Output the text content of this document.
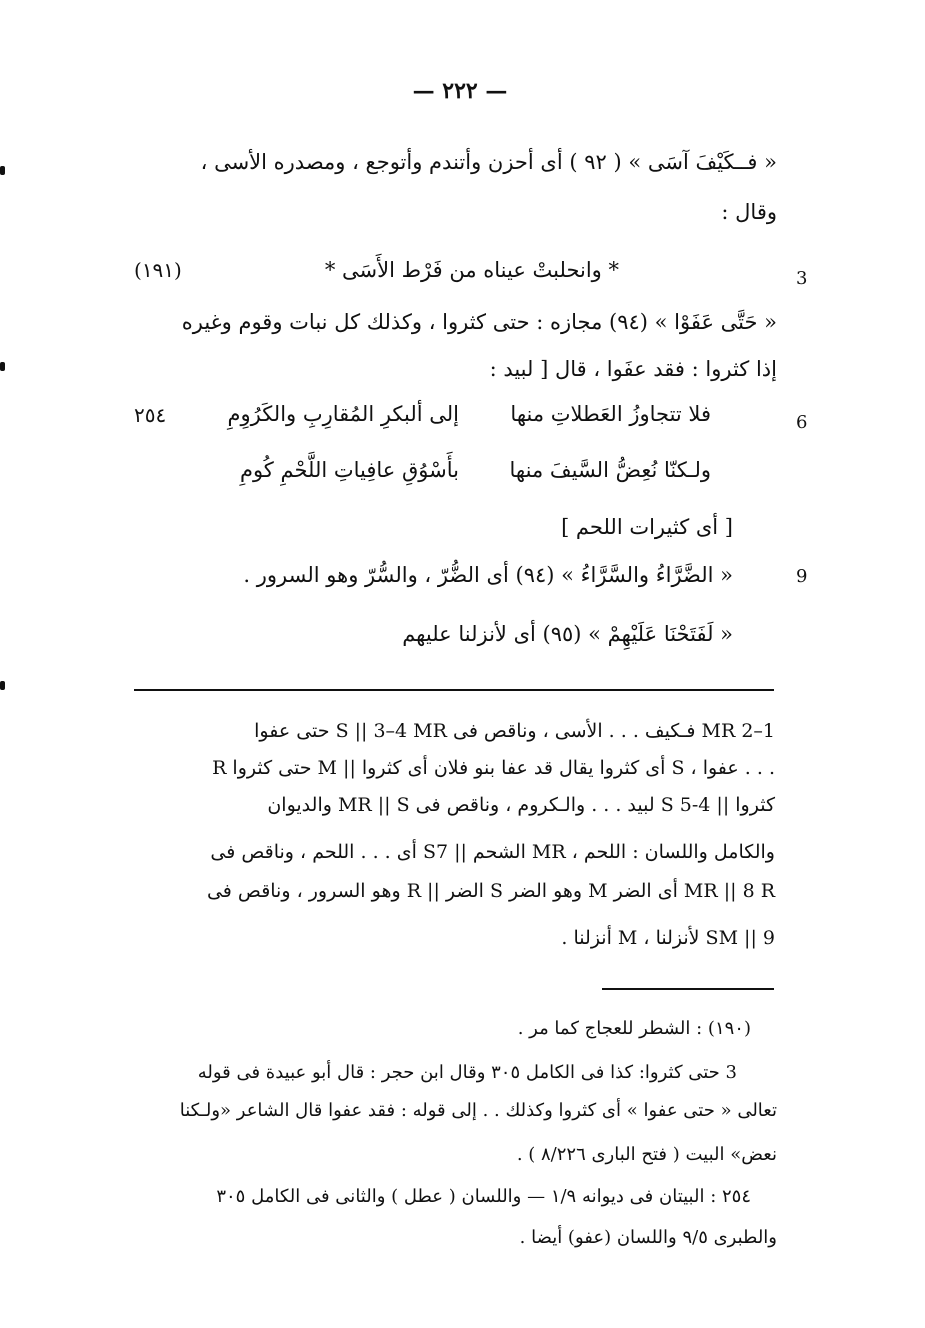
— ٢٢٢ —
« فــكَيْفَ آسَى » ( ٩٢ ) أى أحزن وأتندم وأتوجع ، ومصدره الأسى ،
وقال :
3
* وانحلبتْ عيناه من فَرْط الأَسَى *
(١٩١)
« حَتَّى عَفَوْا » (٩٤) مجازه : حتى كثروا ، وكذلك كل نبات وقوم وغيره
إذا كثروا : فقد عفَوا ، قال [ لبيد :
6
فلا تتجاوزُ العَطلاتِ منها
إلى ألبكرِ المُقارِبِ والكَرُوِمِ
٢٥٤
ولـكنّا نُعِضُّ السَّيفَ منها
بأَسْوُقِ عافِياتِ اللَّحْمِ كُومِ
[ أى كثيرات اللحم ]
9
« الضَّرَّاءُ والسَّرَّاءُ » (٩٤) أى الضُّرّ ، والسُّرّ وهو السرور .
« لَفَتَحْنَا عَلَيْهِمْ » (٩٥) أى لأنزلنا عليهم
1–2 MR فـكيف . . . الأسى ، وناقص فى S || 3–4 MR حتى عفوا
. . . عفوا ، S أى كثروا يقال قد عفا بنو فلان أى كثروا || M حتى كثروا R
كثروا || 4-5 S لبيد . . . والـكروم ، وناقص فى MR || S والديوان
والكامل واللسان : اللحم ، MR الشحم || S7 أى . . . اللحم ، وناقص فى
MR || 8 R أى الضر M وهو الضر S الضر || R وهو السرور ، وناقص فى
SM || 9 لأنزلنا ، M أنزلنا .
(١٩٠) : الشطر للعجاج كما مر .
3 حتى كثروا: كذا فى الكامل ٣٠٥ وقال ابن حجر : قال أبو عبيدة فى قوله
تعالى « حتى عفوا » أى كثروا وكذلك . . إلى قوله : فقد عفوا قال الشاعر «ولـكنا
نعض» البيت ( فتح البارى ٨/٢٢٦ ) .
٢٥٤ : البيتان فى ديوانه ١/٩ — واللسان ( عطل ) والثانى فى الكامل ٣٠٥
والطبرى ٩/٥ واللسان (عفو) أيضا .
